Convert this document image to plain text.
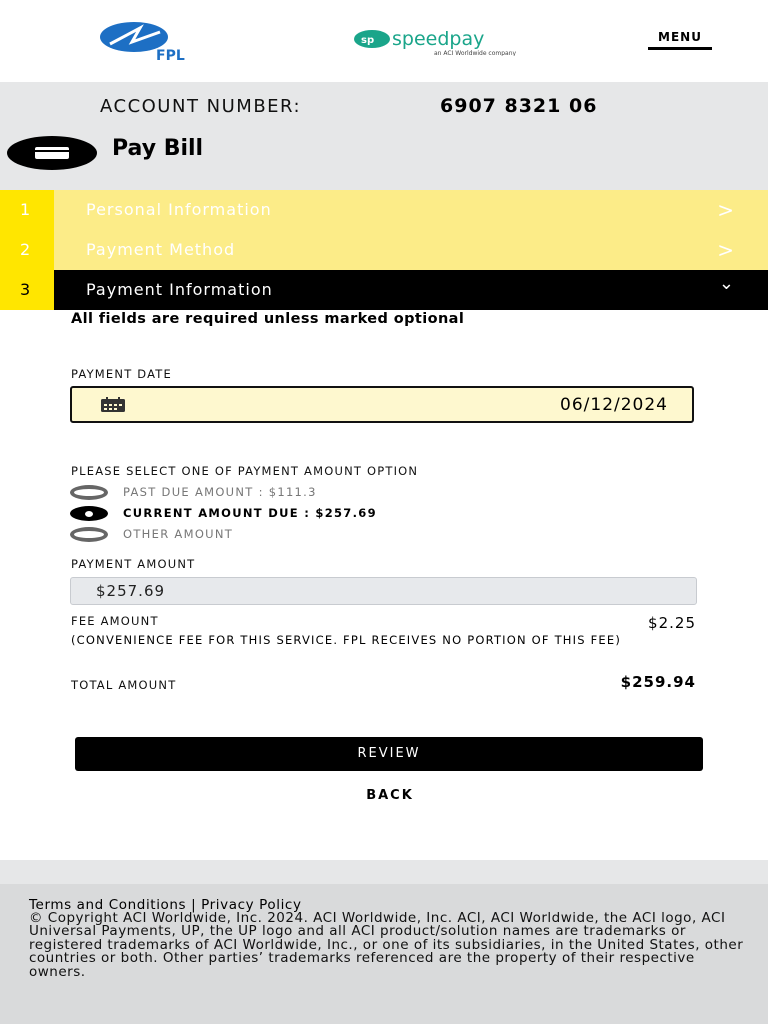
FPL
sp speedpay
an ACI Worldwide company
MENU
ACCOUNT NUMBER:	6907 8321 06
Pay Bill
1	Personal Information	>
2	Payment Method	>
3	Payment Information	⌄
All fields are required unless marked optional
PAYMENT DATE
06/12/2024
PLEASE SELECT ONE OF PAYMENT AMOUNT OPTION
PAST DUE AMOUNT : $111.3
CURRENT AMOUNT DUE : $257.69
OTHER AMOUNT
PAYMENT AMOUNT
$257.69
FEE AMOUNT	$2.25
(CONVENIENCE FEE FOR THIS SERVICE. FPL RECEIVES NO PORTION OF THIS FEE)
TOTAL AMOUNT	$259.94
REVIEW
BACK
Terms and Conditions | Privacy Policy
© Copyright ACI Worldwide, Inc. 2024. ACI Worldwide, Inc. ACI, ACI Worldwide, the ACI logo, ACI Universal Payments, UP, the UP logo and all ACI product/solution names are trademarks or registered trademarks of ACI Worldwide, Inc., or one of its subsidiaries, in the United States, other countries or both. Other parties’ trademarks referenced are the property of their respective owners.
